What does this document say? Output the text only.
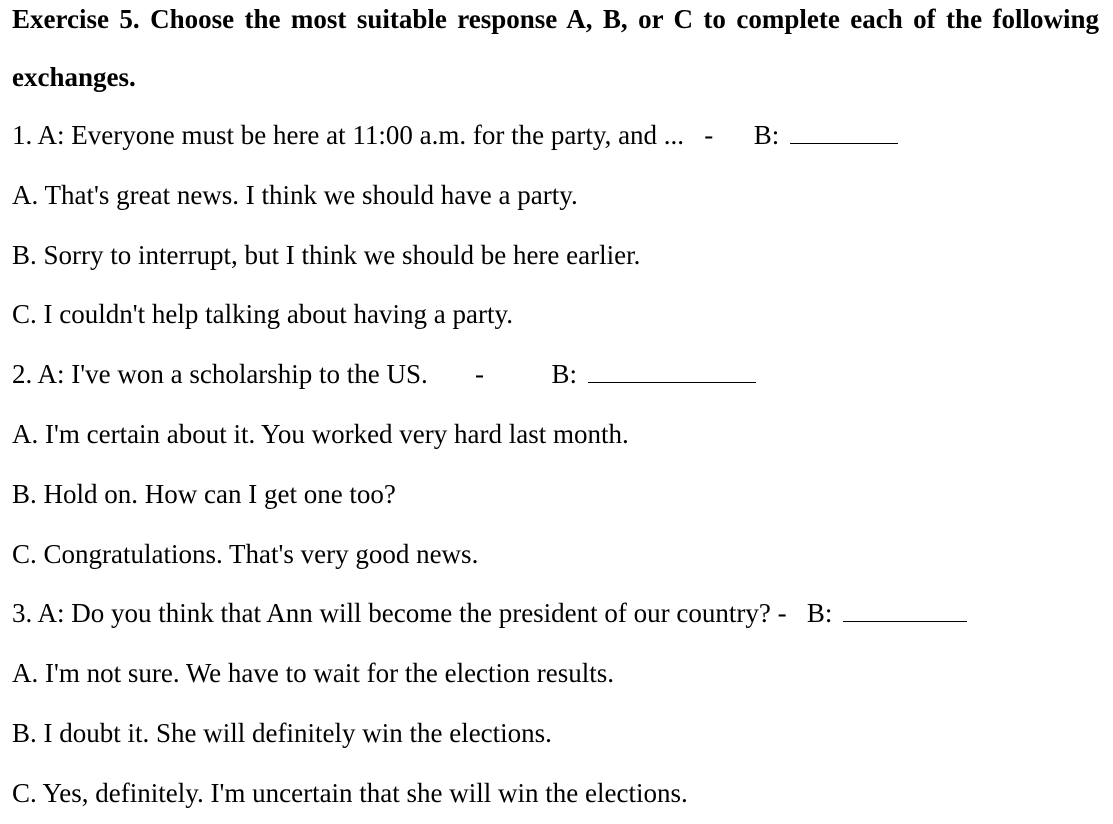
Exercise 5. Choose the most suitable response A, B, or C to complete each of the following exchanges.
1. A: Everyone must be here at 11:00 a.m. for the party, and ...   -      B:
A. That's great news. I think we should have a party.
B. Sorry to interrupt, but I think we should be here earlier.
C. I couldn't help talking about having a party.
2. A: I've won a scholarship to the US.       -          B:
A. I'm certain about it. You worked very hard last month.
B. Hold on. How can I get one too?
C. Congratulations. That's very good news.
3. A: Do you think that Ann will become the president of our country? -   B:
A. I'm not sure. We have to wait for the election results.
B. I doubt it. She will definitely win the elections.
C. Yes, definitely. I'm uncertain that she will win the elections.
